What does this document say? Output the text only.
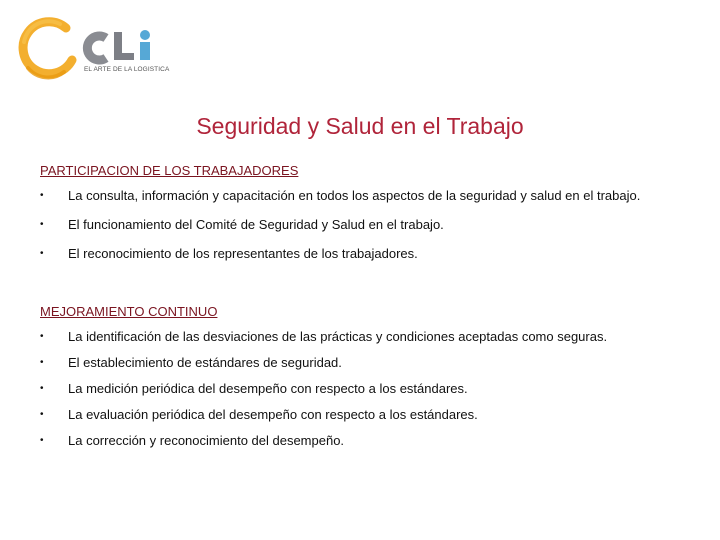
EL ARTE DE LA LOGISTICA
Seguridad y Salud en el Trabajo
PARTICIPACION DE LOS TRABAJADORES
• La consulta, información y capacitación en todos los aspectos de la seguridad y salud en el trabajo.
• El funcionamiento del Comité de Seguridad y Salud en el trabajo.
• El reconocimiento de los representantes de los trabajadores.
MEJORAMIENTO CONTINUO
• La identificación de las desviaciones de las prácticas y condiciones aceptadas como seguras.
• El establecimiento de estándares de seguridad.
• La medición periódica del desempeño con respecto a los estándares.
• La evaluación periódica del desempeño con respecto a los estándares.
• La corrección y reconocimiento del desempeño.
